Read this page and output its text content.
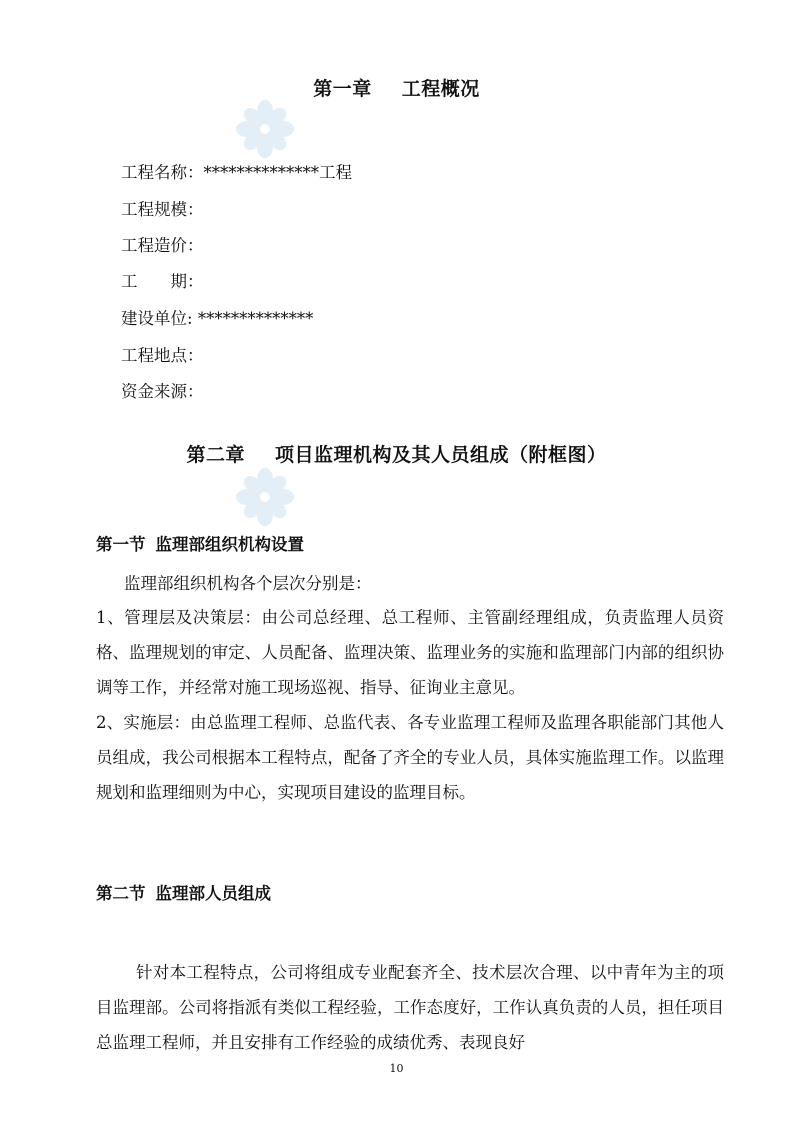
第一章 工程概况
工程名称：**************工程
工程规模：
工程造价：
工　　期：
建设单位: **************
工程地点：
资金来源：
第二章 项目监理机构及其人员组成（附框图）
第一节 监理部组织机构设置
监理部组织机构各个层次分别是：
1、管理层及决策层：由公司总经理、总工程师、主管副经理组成，负责监理人员资格、监理规划的审定、人员配备、监理决策、监理业务的实施和监理部门内部的组织协调等工作，并经常对施工现场巡视、指导、征询业主意见。
2、实施层：由总监理工程师、总监代表、各专业监理工程师及监理各职能部门其他人员组成，我公司根据本工程特点，配备了齐全的专业人员，具体实施监理工作。以监理规划和监理细则为中心，实现项目建设的监理目标。
第二节 监理部人员组成
针对本工程特点，公司将组成专业配套齐全、技术层次合理、以中青年为主的项目监理部。公司将指派有类似工程经验，工作态度好，工作认真负责的人员，担任项目总监理工程师，并且安排有工作经验的成绩优秀、表现良好
10
